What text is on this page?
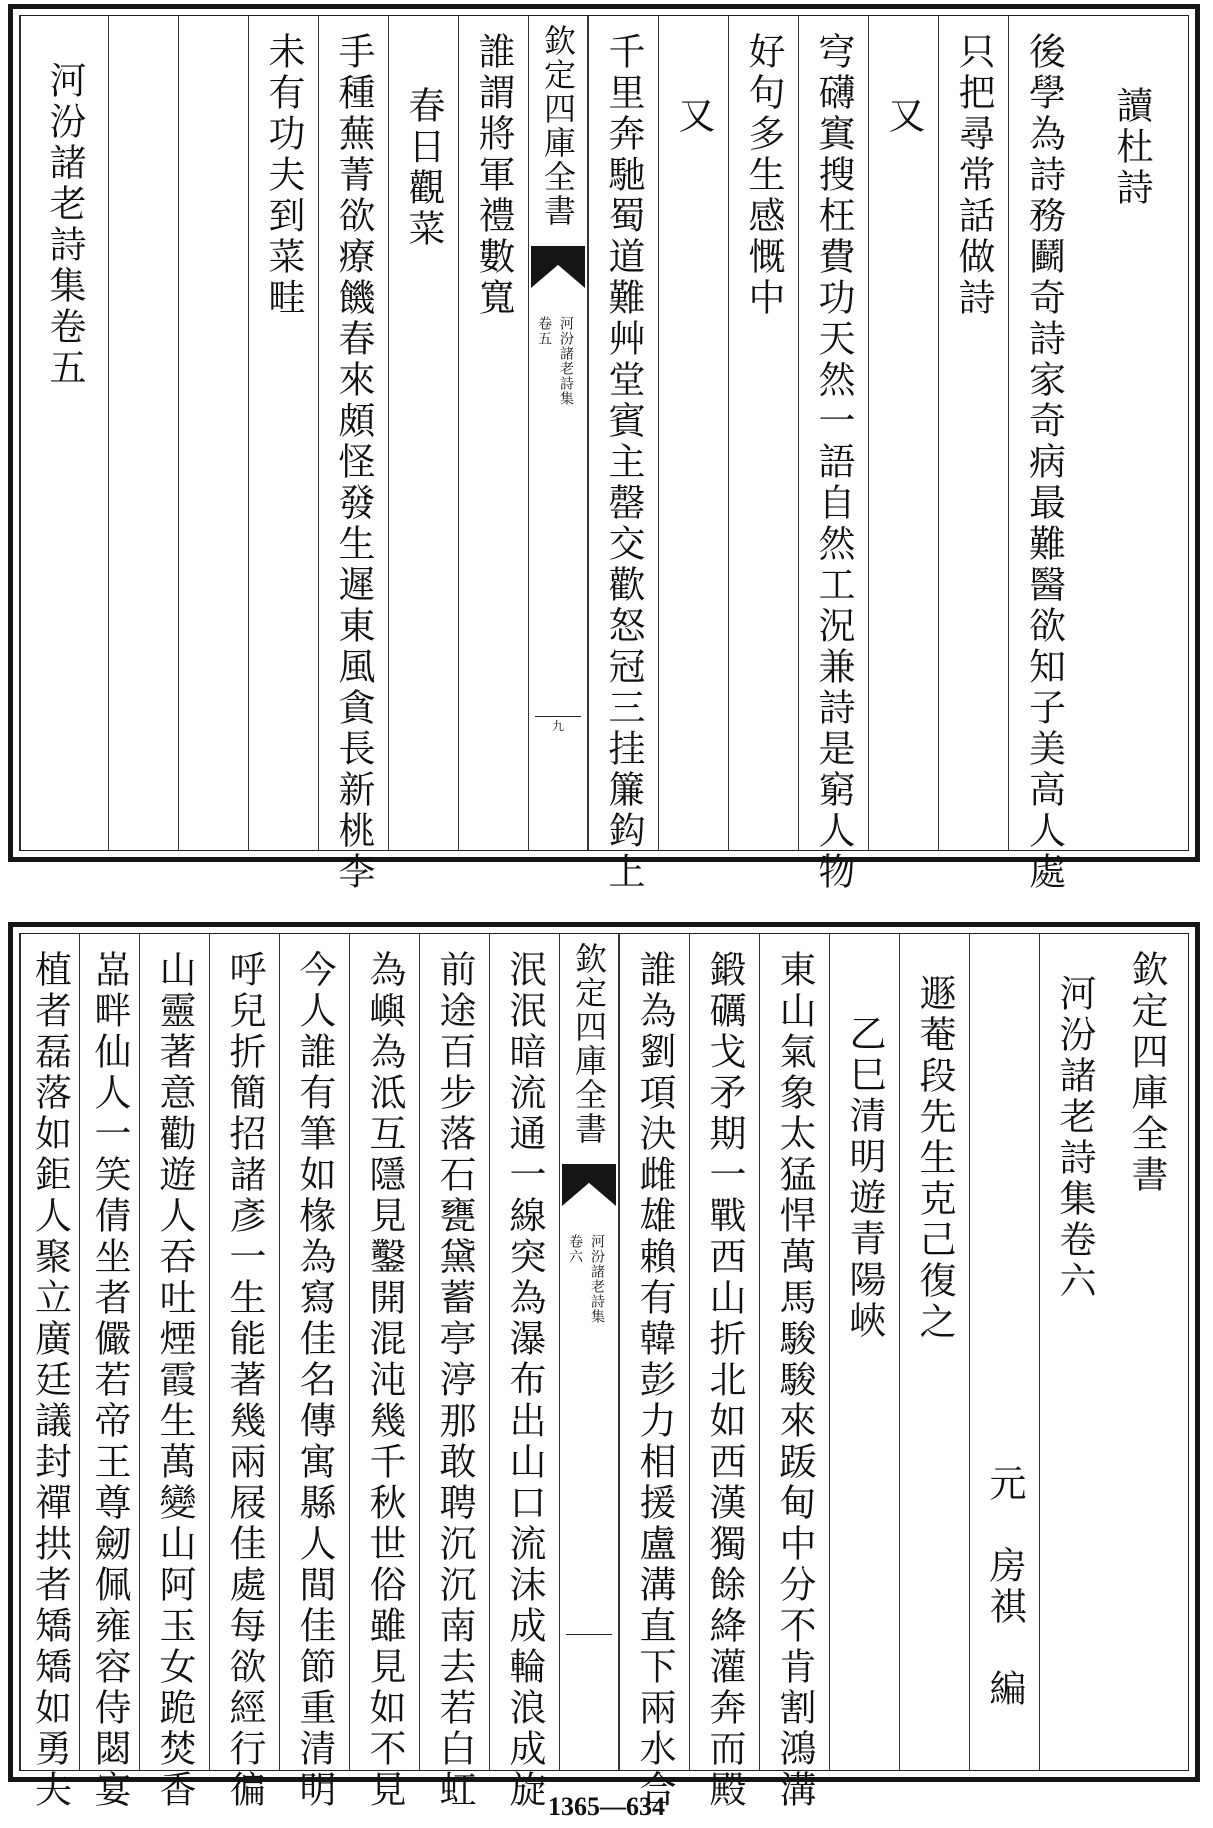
讀杜詩
後學為詩務鬬奇詩家奇病最難醫欲知子美高人處
只把尋常話做詩
又
穹礴窴搜枉費功天然一語自然工況兼詩是窮人物
好句多生感慨中
又
千里奔馳蜀道難艸堂賓主罄交歡怒冠三挂簾鈎上
欽定四庫全書
河汾諸老詩集
卷五
九
誰謂將軍禮數寬
春日觀菜
手種蕪菁欲療饑春來頗怪發生遲東風貪長新桃李
未有功夫到菜畦
河汾諸老詩集卷五
欽定四庫全書
河汾諸老詩集卷六
元　房祺　編
遯菴段先生克己復之
乙巳清明遊青陽峽
東山氣象太猛悍萬馬駿駿來䟦甸中分不肯割鴻溝
鍛礪戈矛期一戰西山折北如西漢獨餘絳灌奔而殿
誰為劉項決雌雄賴有韓彭力相援盧溝直下兩水合
欽定四庫全書
河汾諸老詩集
卷六
泯泯暗流通一線突為瀑布出山口流沫成輪浪成旋
前途百步落石甕黛蓄亭渟那敢聘沉沉南去若白虹
為嶼為泜互隱見鑿開混沌幾千秋世俗雖見如不見
今人誰有筆如椽為寫佳名傳寓縣人間佳節重清明
呼兒折簡招諸彥一生能著幾兩屐佳處每欲經行徧
山靈著意勸遊人吞吐煙霞生萬變山阿玉女跪焚香
嵓畔仙人一笑倩坐者儼若帝王尊劒佩雍容侍閟宴
植者磊落如鉅人聚立廣廷議封禪拱者矯矯如勇夫	1365—634
